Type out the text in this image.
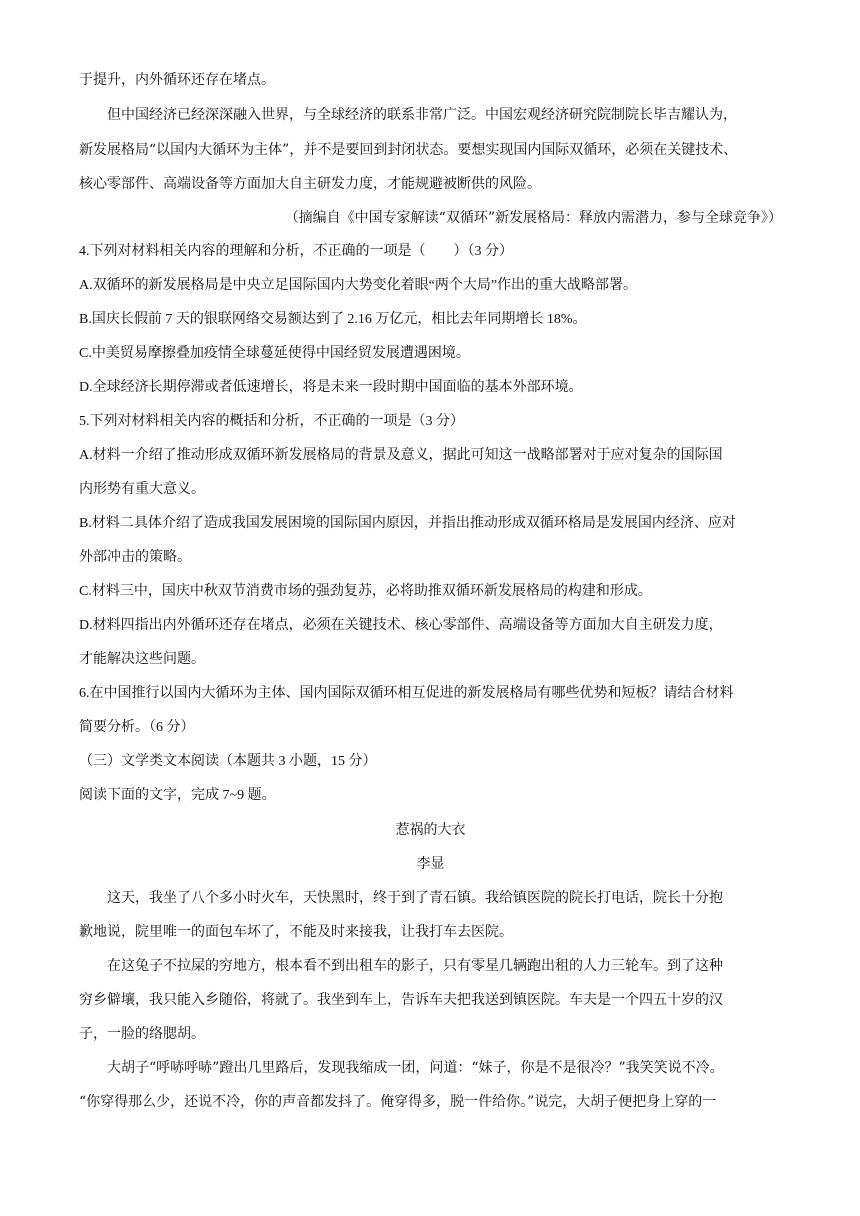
于提升，内外循环还存在堵点。
但中国经济已经深深融入世界，与全球经济的联系非常广泛。中国宏观经济研究院制院长毕吉耀认为，
新发展格局“以国内大循环为主体”，并不是要回到封闭状态。要想实现国内国际双循环，必须在关键技术、
核心零部件、高端设备等方面加大自主研发力度，才能规避被断供的风险。
（摘编自《中国专家解读“双循环”新发展格局：释放内需潜力，参与全球竞争》）
4.下列对材料相关内容的理解和分析，不正确的一项是（　　）（3 分）
A.双循环的新发展格局是中央立足国际国内大势变化着眼“两个大局”作出的重大战略部署。
B.国庆长假前 7 天的银联网络交易额达到了 2.16 万亿元，相比去年同期增长 18%。
C.中美贸易摩擦叠加疫情全球蔓延使得中国经贸发展遭遇困境。
D.全球经济长期停滞或者低速增长，将是未来一段时期中国面临的基本外部环境。
5.下列对材料相关内容的概括和分析，不正确的一项是（3 分）
A.材料一介绍了推动形成双循环新发展格局的背景及意义，据此可知这一战略部署对于应对复杂的国际国
内形势有重大意义。
B.材料二具体介绍了造成我国发展困境的国际国内原因，并指出推动形成双循环格局是发展国内经济、应对
外部冲击的策略。
C.材料三中，国庆中秋双节消费市场的强劲复苏，必将助推双循环新发展格局的构建和形成。
D.材料四指出内外循环还存在堵点，必须在关键技术、核心零部件、高端设备等方面加大自主研发力度，
才能解决这些问题。
6.在中国推行以国内大循环为主体、国内国际双循环相互促进的新发展格局有哪些优势和短板？请结合材料
简要分析。（6 分）
（三）文学类文本阅读（本题共 3 小题，15 分）
阅读下面的文字，完成 7~9 题。
惹祸的大衣
李显
这天，我坐了八个多小时火车，天快黑时，终于到了青石镇。我给镇医院的院长打电话，院长十分抱
歉地说，院里唯一的面包车坏了，不能及时来接我，让我打车去医院。
在这兔子不拉屎的穷地方，根本看不到出租车的影子，只有零星几辆跑出租的人力三轮车。到了这种
穷乡僻壤，我只能入乡随俗，将就了。我坐到车上，告诉车夫把我送到镇医院。车夫是一个四五十岁的汉
子，一脸的络腮胡。
大胡子“呼哧呼哧”蹬出几里路后，发现我缩成一团，问道：“妹子，你是不是很冷？”我笑笑说不冷。
“你穿得那么少，还说不冷，你的声音都发抖了。俺穿得多，脱一件给你。”说完，大胡子便把身上穿的一
